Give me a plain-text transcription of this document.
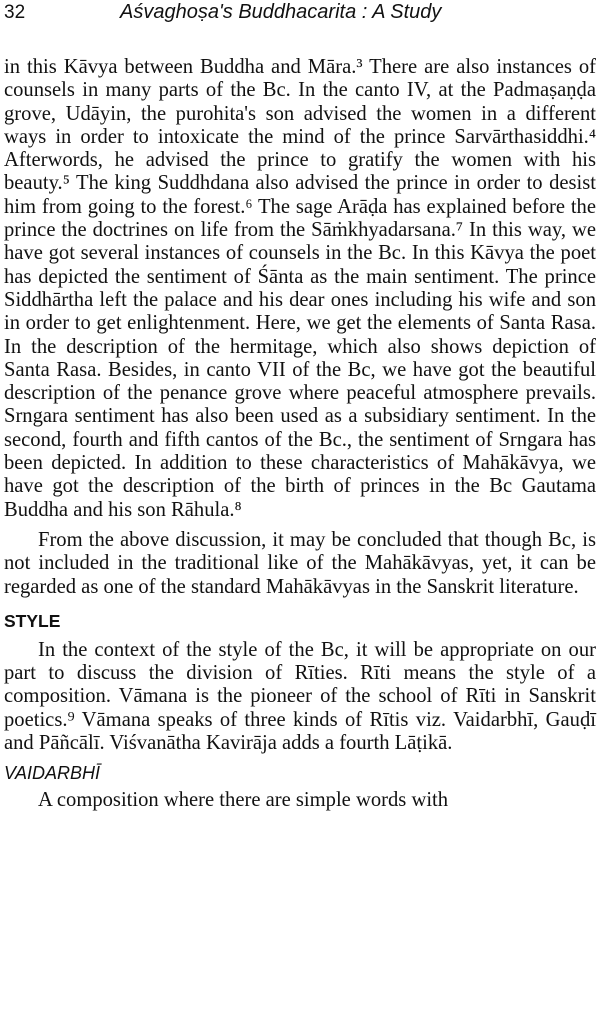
32	Aśvaghoṣa's Buddhacarita : A Study

in this Kāvya between Buddha and Māra.³ There are also instances of counsels in many parts of the Bc. In the canto IV, at the Padmaṣaṇḍa grove, Udāyin, the purohita's son advised the women in a different ways in order to intoxicate the mind of the prince Sarvārthasiddhi.⁴ Afterwords, he advised the prince to gratify the women with his beauty.⁵ The king Suddhdana also advised the prince in order to desist him from going to the forest.⁶ The sage Arāḍa has explained before the prince the doctrines on life from the Sāṁkhyadarsana.⁷ In this way, we have got several instances of counsels in the Bc. In this Kāvya the poet has depicted the sentiment of Śānta as the main sentiment. The prince Siddhārtha left the palace and his dear ones including his wife and son in order to get enlightenment. Here, we get the elements of Santa Rasa. In the description of the hermitage, which also shows depiction of Santa Rasa. Besides, in canto VII of the Bc, we have got the beautiful description of the penance grove where peaceful atmosphere prevails. Srngara sentiment has also been used as a subsidiary sentiment. In the second, fourth and fifth cantos of the Bc., the sentiment of Srngara has been depicted. In addition to these characteristics of Mahākāvya, we have got the description of the birth of princes in the Bc Gautama Buddha and his son Rāhula.⁸

From the above discussion, it may be concluded that though Bc, is not included in the traditional like of the Mahākāvyas, yet, it can be regarded as one of the standard Mahākāvyas in the Sanskrit literature.

STYLE

In the context of the style of the Bc, it will be appropriate on our part to discuss the division of Rīties. Rīti means the style of a composition. Vāmana is the pioneer of the school of Rīti in Sanskrit poetics.⁹ Vāmana speaks of three kinds of Rītis viz. Vaidarbhī, Gauḍī and Pāñcālī. Viśvanātha Kavirāja adds a fourth Lāṭikā.

VAIDARBHĪ

A composition where there are simple words with
